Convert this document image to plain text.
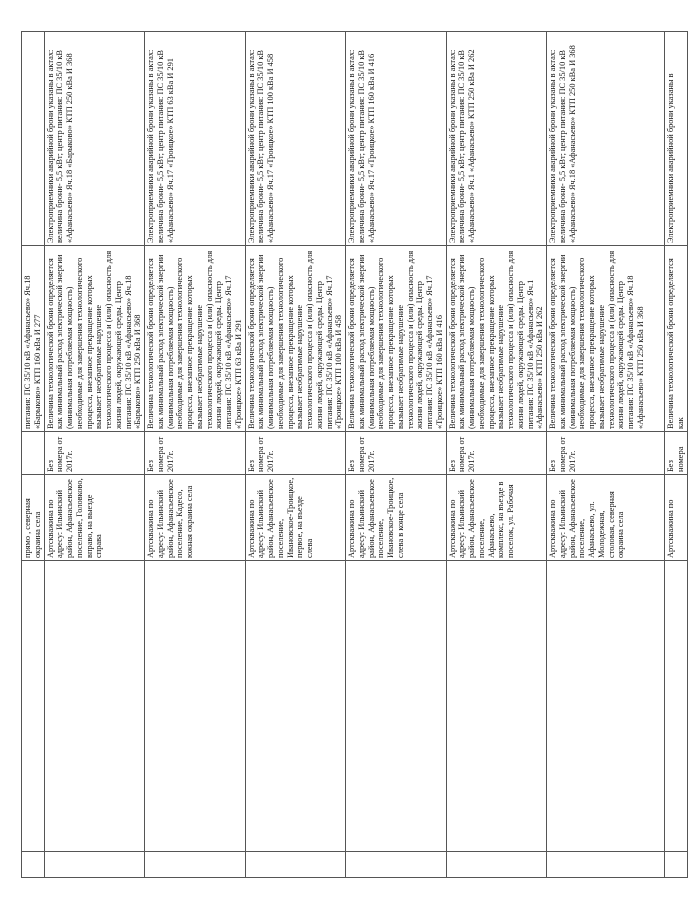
		прямо , северная окраина села		питания: ПС 35/10 кВ «Афанасьево» Яч.18 «Барыково» КТП 160 кВа И 277	

		Артскважина по адресу: Ильинский район, Афанасьевское поселение, Головково, вправо, на выезде справа	Без номера от 2017г.	Величина технологической брони определяется как минимальный расход электрической энергии (минимальная потребляемая мощность) необходимые для завершения технологического процесса, внезапное прекращение которых вызывает необратимые нарушение технологического процесса и (или) опасность для жизни людей, окружающей среды. Центр питания: ПС 35/10 кВ «Афанасьево» Яч.18 «Барыково» КТП 250 кВа И 368	Электроприемники аварийной брони указаны в актах: величина брони- 5,5 кВт; центр питания: ПС 35/10 кВ «Афанасьево» Яч.18 «Барыково» КТП 250 кВа И 368

		Артскважина по адресу: Ильинский район, Афанасьевское поселение, Кадесо, южная окраина села	Без номера от 2017г.	Величина технологической брони определяется как минимальный расход электрической энергии (минимальная потребляемая мощность) необходимые для завершения технологического процесса, внезапное прекращение которых вызывает необратимые нарушение технологического процесса и (или) опасность для жизни людей, окружающей среды. Центр питания: ПС 35/10 кВ «Афанасьево» Яч.17 «Троицкое» КТП 63 кВа И 291	Электроприемники аварийной брони указаны в актах: величина брони- 5,5 кВт; центр питания: ПС 35/10 кВ «Афанасьево» Яч.17 «Троицкое» КТП 63 кВа И 291

		Артскважина по адресу: Ильинский район, Афанасьевское поселение, Ивановское-Троицкое, первое, на въезде слева	Без номера от 2017г.	Величина технологической брони определяется как минимальный расход электрической энергии (минимальная потребляемая мощность) необходимые для завершения технологического процесса, внезапное прекращение которых вызывает необратимые нарушение технологического процесса и (или) опасность для жизни людей, окружающей среды. Центр питания: ПС 35/10 кВ «Афанасьево» Яч.17 «Троицкое» КТП 100 кВа И 458	Электроприемники аварийной брони указаны в актах: величина брони- 5,5 кВт; центр питания: ПС 35/10 кВ «Афанасьево» Яч.17 «Троицкое» КТП 100 кВа И 458

		Артскважина по адресу: Ильинский район, Афанасьевское поселение, Ивановское-Троицкое, слева в конце села	Без номера от 2017г.	Величина технологической брони определяется как минимальный расход электрической энергии (минимальная потребляемая мощность) необходимые для завершения технологического процесса, внезапное прекращение которых вызывает необратимые нарушение технологического процесса и (или) опасность для жизни людей, окружающей среды. Центр питания: ПС 35/10 кВ «Афанасьево» Яч.17 «Троицкое» КТП 160 кВа И 416	Электроприемники аварийной брони указаны в актах: величина брони- 5,5 кВт; центр питания: ПС 35/10 кВ «Афанасьево» Яч.17 «Троицкое» КТП 160 кВа И 416

		Артскважина по адресу: Ильинский район, Афанасьевское поселение, Афанасьево, комплекс, на въезде в поселок, ул. Рабочая	Без номера от 2017г.	Величина технологической брони определяется как минимальный расход электрической энергии (минимальная потребляемая мощность) необходимые для завершения технологического процесса, внезапное прекращение которых вызывает необратимые нарушение технологического процесса и (или) опасность для жизни людей, окружающей среды. Центр питания: ПС 35/10 кВ «Афанасьево» Яч.1 «Афанасьево» КТП 250 кВа И 262	Электроприемники аварийной брони указаны в актах: величина брони- 5,5 кВт; центр питания: ПС 35/10 кВ «Афанасьево» Яч.1 «Афанасьево» КТП 250 кВа И 262

		Артскважина по адресу: Ильинский район, Афанасьевское поселение, Афанасьево, ул. Молодежная, столовая, северная окраина села	Без номера от 2017г.	Величина технологической брони определяется как минимальный расход электрической энергии (минимальная потребляемая мощность) необходимые для завершения технологического процесса, внезапное прекращение которых вызывает необратимые нарушение технологического процесса и (или) опасность для жизни людей, окружающей среды. Центр питания: ПС 35/10 кВ «Афанасьево» Яч.18 «Афанасьево» КТП 250 кВа И 368	Электроприемники аварийной брони указаны в актах: величина брони- 5,5 кВт; центр питания: ПС 35/10 кВ «Афанасьево» Яч.18 «Афанасьево» КТП 250 кВа И 368

		Артскважина по	Без номера	Величина технологической брони определяется как	Электроприемники аварийной брони указаны в
